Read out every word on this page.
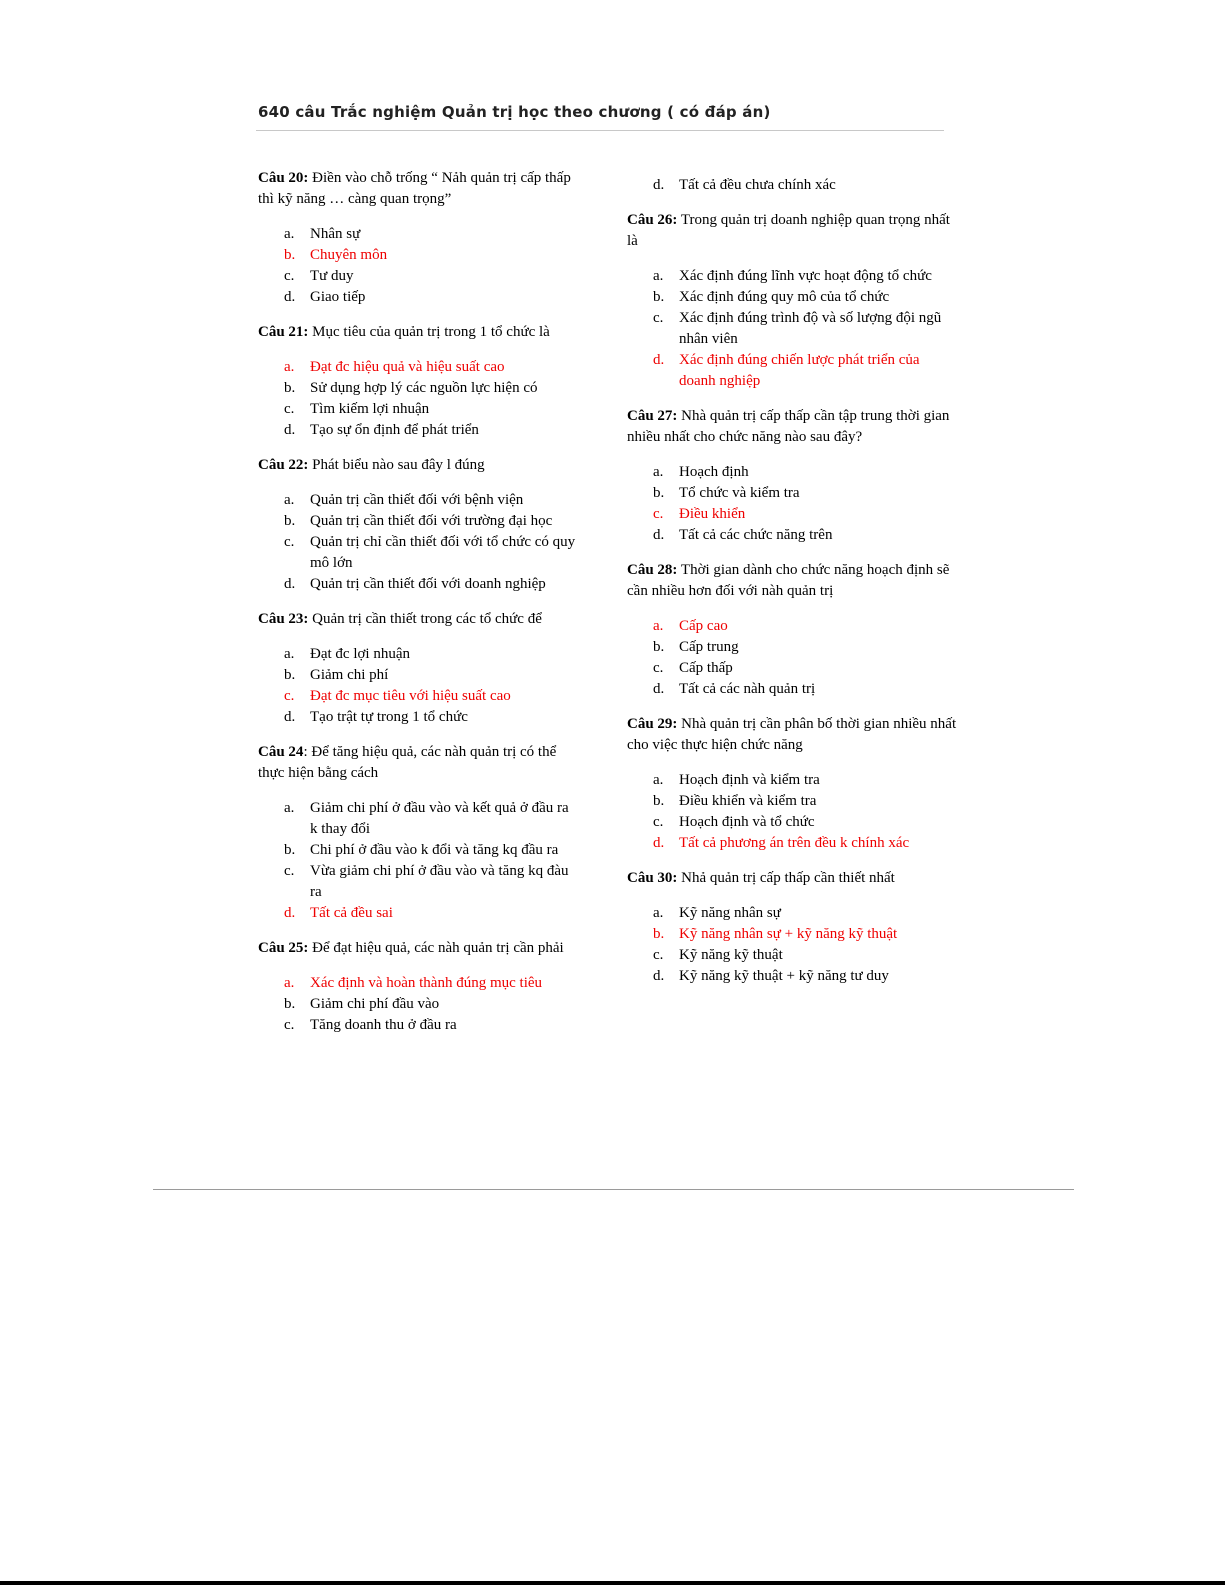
640 câu Trắc nghiệm Quản trị học theo chương ( có đáp án)

Câu 20: Điền vào chỗ trống “ Nảh quản trị cấp thấp thì kỹ năng … càng quan trọng”

a. Nhân sự
b. Chuyên môn
c. Tư duy
d. Giao tiếp

Câu 21: Mục tiêu của quản trị trong 1 tổ chức là

a. Đạt đc hiệu quả và hiệu suất cao
b. Sử dụng hợp lý các nguồn lực hiện có
c. Tìm kiếm lợi nhuận
d. Tạo sự ổn định để phát triển

Câu 22: Phát biểu nào sau đây l đúng

a. Quản trị cần thiết đối với bệnh viện
b. Quản trị cần thiết đối với trường đại học
c. Quản trị chỉ cần thiết đối với tổ chức có quy mô lớn
d. Quản trị cần thiết đối với doanh nghiệp

Câu 23: Quản trị cần thiết trong các tổ chức để

a. Đạt đc lợi nhuận
b. Giảm chi phí
c. Đạt đc mục tiêu với hiệu suất cao
d. Tạo trật tự trong 1 tổ chức

Câu 24: Để tăng hiệu quả, các nàh quản trị có thể thực hiện bằng cách

a. Giảm chi phí ở đầu vào và kết quả ở đầu ra k thay đổi
b. Chi phí ở đầu vào k đổi và tăng kq đầu ra
c. Vừa giảm chi phí ở đầu vào và tăng kq đàu ra
d. Tất cả đều sai

Câu 25: Để đạt hiệu quả, các nàh quản trị cần phải

a. Xác định và hoàn thành đúng mục tiêu
b. Giảm chi phí đầu vào
c. Tăng doanh thu ở đầu ra
d. Tất cả đều chưa chính xác

Câu 26: Trong quản trị doanh nghiệp quan trọng nhất là

a. Xác định đúng lĩnh vực hoạt động tổ chức
b. Xác định đúng quy mô của tổ chức
c. Xác định đúng trình độ và số lượng đội ngũ nhân viên
d. Xác định đúng chiến lược phát triển của doanh nghiệp

Câu 27: Nhà quản trị cấp thấp cần tập trung thời gian nhiều nhất cho chức năng nào sau đây?

a. Hoạch định
b. Tổ chức và kiểm tra
c. Điều khiển
d. Tất cả các chức năng trên

Câu 28: Thời gian dành cho chức năng hoạch định sẽ cần nhiều hơn đối với nàh quản trị

a. Cấp cao
b. Cấp trung
c. Cấp thấp
d. Tất cả các nàh quản trị

Câu 29: Nhà quản trị cần phân bố thời gian nhiều nhất cho việc thực hiện chức năng

a. Hoạch định và kiểm tra
b. Điều khiển và kiểm tra
c. Hoạch định và tổ chức
d. Tất cả phương án trên đều k chính xác

Câu 30: Nhả quản trị cấp thấp cần thiết nhất

a. Kỹ năng nhân sự
b. Kỹ năng nhân sự + kỹ năng kỹ thuật
c. Kỹ năng kỹ thuật
d. Kỹ năng kỹ thuật + kỹ năng tư duy
